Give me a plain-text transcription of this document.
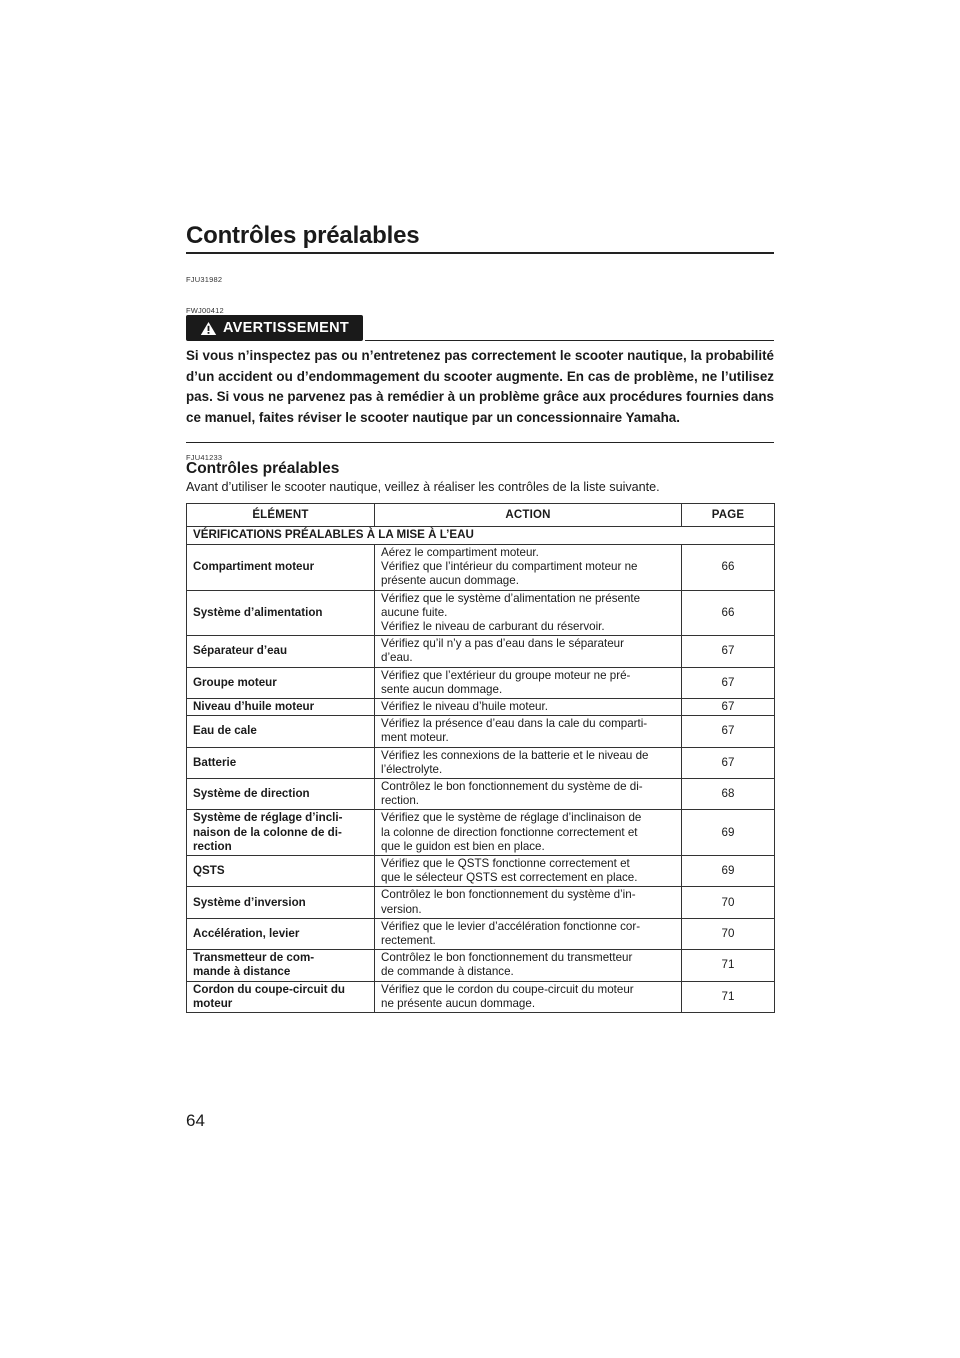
Contrôles préalables
FJU31982
FWJ00412
AVERTISSEMENT
Si vous n’inspectez pas ou n’entretenez pas correctement le scooter nautique, la probabilité d’un accident ou d’endommagement du scooter augmente. En cas de problème, ne l’utilisez pas. Si vous ne parvenez pas à remédier à un problème grâce aux procédures fournies dans ce manuel, faites réviser le scooter nautique par un concessionnaire Yamaha.
FJU41233
Contrôles préalables
Avant d’utiliser le scooter nautique, veillez à réaliser les contrôles de la liste suivante.
ÉLÉMENT	ACTION	PAGE
VÉRIFICATIONS PRÉALABLES À LA MISE À L’EAU		
Compartiment moteur	Aérez le compartiment moteur.
Vérifiez que l’intérieur du compartiment moteur ne
présente aucun dommage.	66
Système d’alimentation	Vérifiez que le système d’alimentation ne présente
aucune fuite.
Vérifiez le niveau de carburant du réservoir.	66
Séparateur d’eau	Vérifiez qu’il n’y a pas d’eau dans le séparateur
d’eau.	67
Groupe moteur	Vérifiez que l’extérieur du groupe moteur ne pré-
sente aucun dommage.	67
Niveau d’huile moteur	Vérifiez le niveau d’huile moteur.	67
Eau de cale	Vérifiez la présence d’eau dans la cale du comparti-
ment moteur.	67
Batterie	Vérifiez les connexions de la batterie et le niveau de
l’électrolyte.	67
Système de direction	Contrôlez le bon fonctionnement du système de di-
rection.	68
Système de réglage d’incli-
naison de la colonne de di-
rection	Vérifiez que le système de réglage d’inclinaison de
la colonne de direction fonctionne correctement et
que le guidon est bien en place.	69
QSTS	Vérifiez que le QSTS fonctionne correctement et
que le sélecteur QSTS est correctement en place.	69
Système d’inversion	Contrôlez le bon fonctionnement du système d’in-
version.	70
Accélération, levier	Vérifiez que le levier d’accélération fonctionne cor-
rectement.	70
Transmetteur de com-
mande à distance	Contrôlez le bon fonctionnement du transmetteur
de commande à distance.	71
Cordon du coupe-circuit du
moteur	Vérifiez que le cordon du coupe-circuit du moteur
ne présente aucun dommage.	71
64
